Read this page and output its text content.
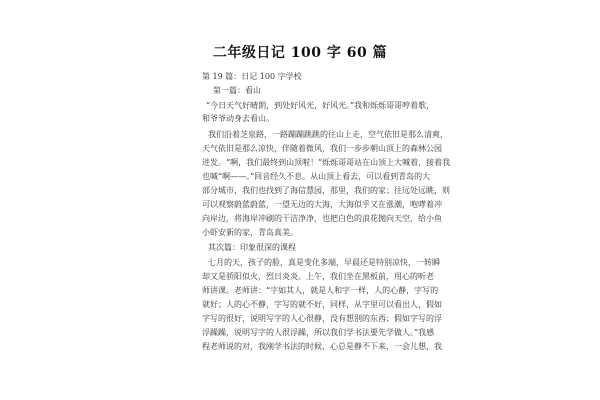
二年级日记 100 字 60 篇
第 19 篇：日记 100 字学校
第一篇：看山
“今日天气好晴朗，到处好风光，好风光。”我和烁烁哥哥哼着歌，
和爷爷动身去看山。
我们沿着芝泉路，一路蹦蹦跳跳的往山上走，空气依旧是那么清爽，
天气依旧是那么凉快，伴随着微风，我们一步步朝山顶上的森林公园
进发。“啊，我们最终到山顶啦！”烁烁哥哥站在山顶上大喊着，接着我
也喊“啊——。”回音经久不息。从山顶上看去，可以看到青岛的大
部分城市，我们也找到了海信慧园，那里，我们的家；往远处远眺，则
可以观察蔚蓝蔚蓝，一望无边的大海，大海似乎又在涨潮，咆哮着冲
向岸边，将海岸冲刷的干洁净净，也把白色的浪花抛向天空，给小鱼
小虾安新的家，青岛真美。
其次篇：印象很深的课程
七月的天，孩子的脸，真是变化多端，早晨还是特别凉快，一转瞬
却又是骄阳似火，烈日炎炎。上午，我们坐在黑板前，用心的听老
师讲课。老师讲：“字如其人，就是人和字一样，人的心静，字写的
就好；人的心不静，字写的就不好，同样，从字里可以看出人，假如
字写的很好，说明写字的人心很静，没有想别的东西；假如字写的浮
浮躁躁，说明写字的人很浮躁，所以我们学书法要先学做人。”我感
程老师说的对，我刚学书法的时候，心总是静不下来，一会儿想，我
